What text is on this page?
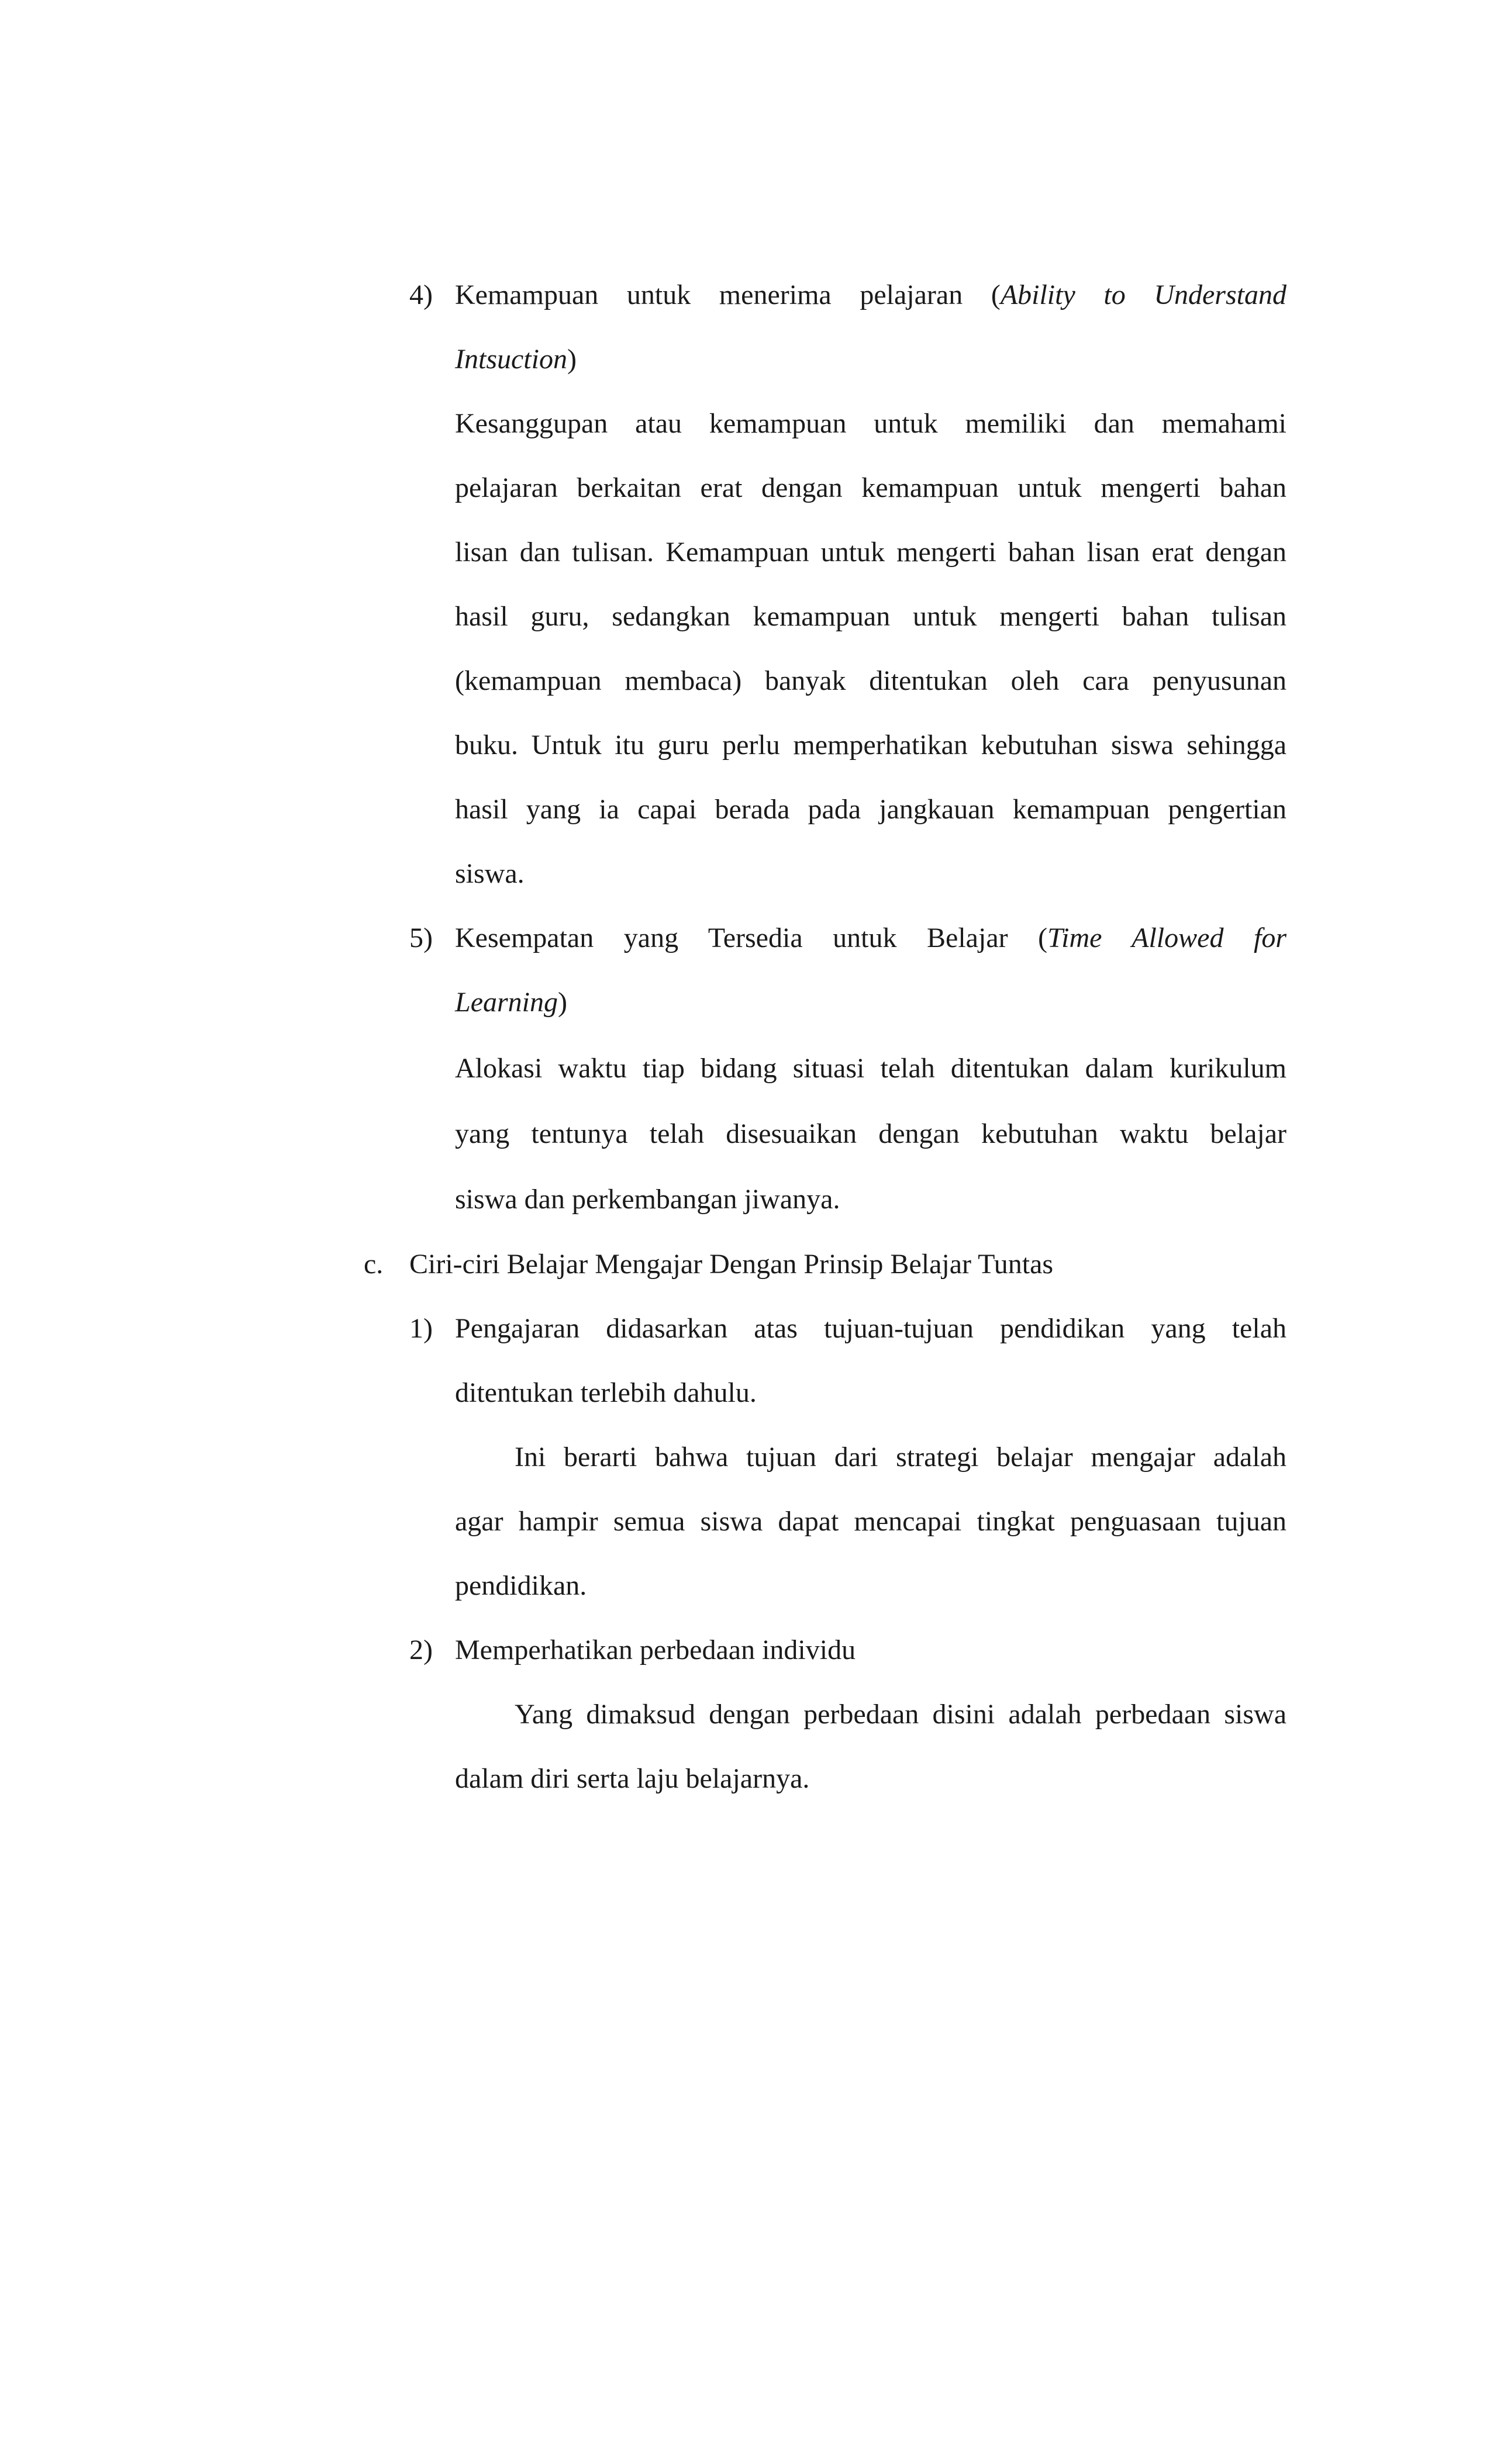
4) Kemampuan untuk menerima pelajaran (Ability to Understand
Intsuction)
Kesanggupan atau kemampuan untuk memiliki dan memahami
pelajaran berkaitan erat dengan kemampuan untuk mengerti bahan
lisan dan tulisan. Kemampuan untuk mengerti bahan lisan erat dengan
hasil guru, sedangkan kemampuan untuk mengerti bahan tulisan
(kemampuan membaca) banyak ditentukan oleh cara penyusunan
buku. Untuk itu guru perlu memperhatikan kebutuhan siswa sehingga
hasil yang ia capai berada pada jangkauan kemampuan pengertian
siswa.
5) Kesempatan yang Tersedia untuk Belajar (Time Allowed for
Learning)
Alokasi waktu tiap bidang situasi telah ditentukan dalam kurikulum
yang tentunya telah disesuaikan dengan kebutuhan waktu belajar
siswa dan perkembangan jiwanya.
c. Ciri-ciri Belajar Mengajar Dengan Prinsip Belajar Tuntas
1) Pengajaran didasarkan atas tujuan-tujuan pendidikan yang telah
ditentukan terlebih dahulu.
Ini berarti bahwa tujuan dari strategi belajar mengajar adalah
agar hampir semua siswa dapat mencapai tingkat penguasaan tujuan
pendidikan.
2) Memperhatikan perbedaan individu
Yang dimaksud dengan perbedaan disini adalah perbedaan siswa
dalam diri serta laju belajarnya.
